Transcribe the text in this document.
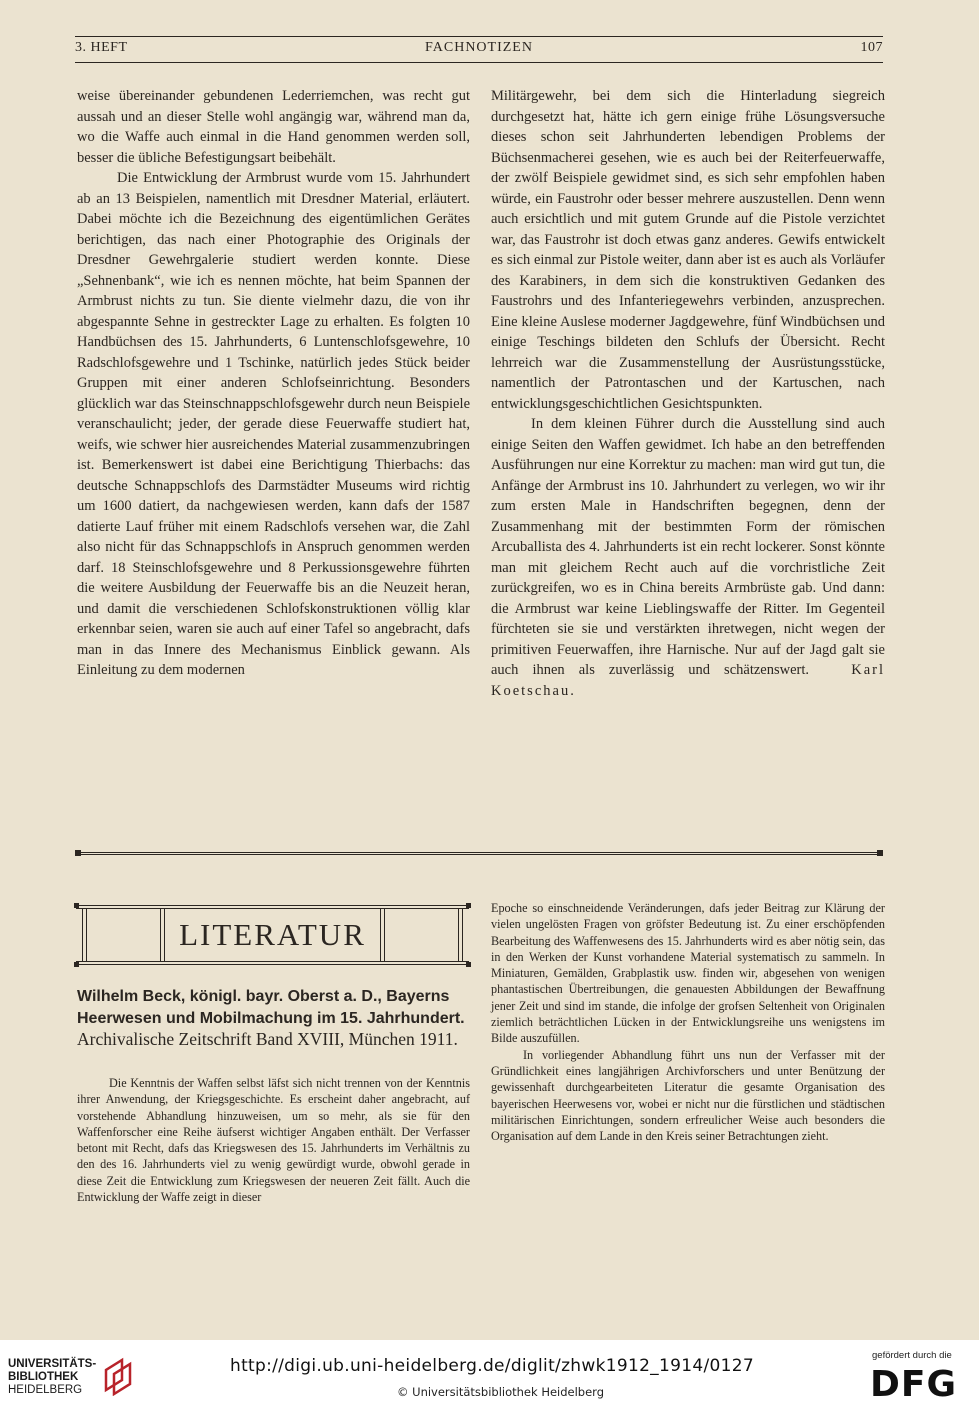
3. HEFT	FACHNOTIZEN	107

weise übereinander gebundenen Lederriemchen, was recht gut aussah und an dieser Stelle wohl angängig war, während man da, wo die Waffe auch einmal in die Hand genommen werden soll, besser die übliche Befestigungsart beibehält.

Die Entwicklung der Armbrust wurde vom 15. Jahrhundert ab an 13 Beispielen, namentlich mit Dresdner Material, erläutert. Dabei möchte ich die Bezeichnung des eigentümlichen Gerätes berichtigen, das nach einer Photographie des Originals der Dresdner Gewehrgalerie studiert werden konnte. Diese „Sehnenbank“, wie ich es nennen möchte, hat beim Spannen der Armbrust nichts zu tun. Sie diente vielmehr dazu, die von ihr abgespannte Sehne in gestreckter Lage zu erhalten. Es folgten 10 Handbüchsen des 15. Jahrhunderts, 6 Luntenschlofsgewehre, 10 Radschlofsgewehre und 1 Tschinke, natürlich jedes Stück beider Gruppen mit einer anderen Schlofseinrichtung. Besonders glücklich war das Steinschnappschlofsgewehr durch neun Beispiele veranschaulicht; jeder, der gerade diese Feuerwaffe studiert hat, weifs, wie schwer hier ausreichendes Material zusammenzubringen ist. Bemerkenswert ist dabei eine Berichtigung Thierbachs: das deutsche Schnappschlofs des Darmstädter Museums wird richtig um 1600 datiert, da nachgewiesen werden, kann dafs der 1587 datierte Lauf früher mit einem Radschlofs versehen war, die Zahl also nicht für das Schnappschlofs in Anspruch genommen werden darf. 18 Steinschlofsgewehre und 8 Perkussionsgewehre führten die weitere Ausbildung der Feuerwaffe bis an die Neuzeit heran, und damit die verschiedenen Schlofskonstruktionen völlig klar erkennbar seien, waren sie auch auf einer Tafel so angebracht, dafs man in das Innere des Mechanismus Einblick gewann. Als Einleitung zu dem modernen

Militärgewehr, bei dem sich die Hinterladung siegreich durchgesetzt hat, hätte ich gern einige frühe Lösungsversuche dieses schon seit Jahrhunderten lebendigen Problems der Büchsenmacherei gesehen, wie es auch bei der Reiterfeuerwaffe, der zwölf Beispiele gewidmet sind, es sich sehr empfohlen haben würde, ein Faustrohr oder besser mehrere auszustellen. Denn wenn auch ersichtlich und mit gutem Grunde auf die Pistole verzichtet war, das Faustrohr ist doch etwas ganz anderes. Gewifs entwickelt es sich einmal zur Pistole weiter, dann aber ist es auch als Vorläufer des Karabiners, in dem sich die konstruktiven Gedanken des Faustrohrs und des Infanteriegewehrs verbinden, anzusprechen. Eine kleine Auslese moderner Jagdgewehre, fünf Windbüchsen und einige Teschings bildeten den Schlufs der Übersicht. Recht lehrreich war die Zusammenstellung der Ausrüstungsstücke, namentlich der Patrontaschen und der Kartuschen, nach entwicklungsgeschichtlichen Gesichtspunkten.

In dem kleinen Führer durch die Ausstellung sind auch einige Seiten den Waffen gewidmet. Ich habe an den betreffenden Ausführungen nur eine Korrektur zu machen: man wird gut tun, die Anfänge der Armbrust ins 10. Jahrhundert zu verlegen, wo wir ihr zum ersten Male in Handschriften begegnen, denn der Zusammenhang mit der bestimmten Form der römischen Arcuballista des 4. Jahrhunderts ist ein recht lockerer. Sonst könnte man mit gleichem Recht auch auf die vorchristliche Zeit zurückgreifen, wo es in China bereits Armbrüste gab. Und dann: die Armbrust war keine Lieblingswaffe der Ritter. Im Gegenteil fürchteten sie sie und verstärkten ihretwegen, nicht wegen der primitiven Feuerwaffen, ihre Harnische. Nur auf der Jagd galt sie auch ihnen als zuverlässig und schätzenswert.	Karl Koetschau.

LITERATUR
Wilhelm Beck, königl. bayr. Oberst a. D., Bayerns Heerwesen und Mobilmachung im 15. Jahrhundert. Archivalische Zeitschrift Band XVIII, München 1911.

Die Kenntnis der Waffen selbst läfst sich nicht trennen von der Kenntnis ihrer Anwendung, der Kriegsgeschichte. Es erscheint daher angebracht, auf vorstehende Abhandlung hinzuweisen, um so mehr, als sie für den Waffenforscher eine Reihe äufserst wichtiger Angaben enthält. Der Verfasser betont mit Recht, dafs das Kriegswesen des 15. Jahrhunderts im Verhältnis zu den des 16. Jahrhunderts viel zu wenig gewürdigt wurde, obwohl gerade in diese Zeit die Entwicklung zum Kriegswesen der neueren Zeit fällt. Auch die Entwicklung der Waffe zeigt in dieser

Epoche so einschneidende Veränderungen, dafs jeder Beitrag zur Klärung der vielen ungelösten Fragen von gröfster Bedeutung ist. Zu einer erschöpfenden Bearbeitung des Waffenwesens des 15. Jahrhunderts wird es aber nötig sein, das in den Werken der Kunst vorhandene Material systematisch zu sammeln. In Miniaturen, Gemälden, Grabplastik usw. finden wir, abgesehen von wenigen phantastischen Übertreibungen, die genauesten Abbildungen der Bewaffnung jener Zeit und sind im stande, die infolge der grofsen Seltenheit von Originalen ziemlich beträchtlichen Lücken in der Entwicklungsreihe uns wenigstens im Bilde auszufüllen.

In vorliegender Abhandlung führt uns nun der Verfasser mit der Gründlichkeit eines langjährigen Archivforschers und unter Benützung der gewissenhaft durchgearbeiteten Literatur die gesamte Organisation des bayerischen Heerwesens vor, wobei er nicht nur die fürstlichen und städtischen militärischen Einrichtungen, sondern erfreulicher Weise auch besonders die Organisation auf dem Lande in den Kreis seiner Betrachtungen zieht.

UNIVERSITÄTS-
BIBLIOTHEK
HEIDELBERG
http://digi.ub.uni-heidelberg.de/diglit/zhwk1912_1914/0127
© Universitätsbibliothek Heidelberg
gefördert durch die
DFG
